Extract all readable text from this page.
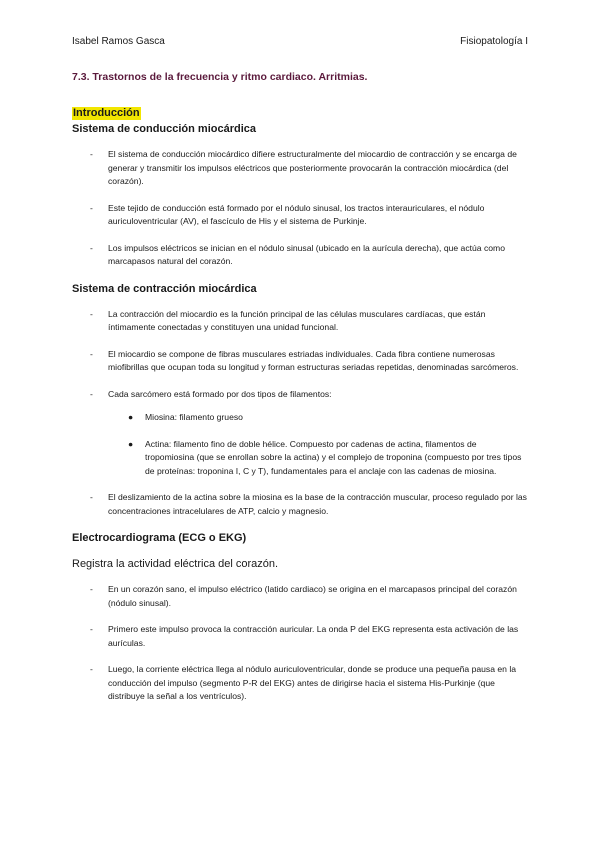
Isabel Ramos Gasca	Fisiopatología I
7.3. Trastornos de la frecuencia y ritmo cardiaco. Arritmias.
Introducción
Sistema de conducción miocárdica
- El sistema de conducción miocárdico difiere estructuralmente del miocardio de contracción y se encarga de generar y transmitir los impulsos eléctricos que posteriormente provocarán la contracción miocárdica (del corazón).
- Este tejido de conducción está formado por el nódulo sinusal, los tractos interauriculares, el nódulo auriculoventricular (AV), el fascículo de His y el sistema de Purkinje.
- Los impulsos eléctricos se inician en el nódulo sinusal (ubicado en la aurícula derecha), que actúa como marcapasos natural del corazón.
Sistema de contracción miocárdica
- La contracción del miocardio es la función principal de las células musculares cardíacas, que están íntimamente conectadas y constituyen una unidad funcional.
- El miocardio se compone de fibras musculares estriadas individuales. Cada fibra contiene numerosas miofibrillas que ocupan toda su longitud y forman estructuras seriadas repetidas, denominadas sarcómeros.
- Cada sarcómero está formado por dos tipos de filamentos:
● Miosina: filamento grueso
● Actina: filamento fino de doble hélice. Compuesto por cadenas de actina, filamentos de tropomiosina (que se enrollan sobre la actina) y el complejo de troponina (compuesto por tres tipos de proteínas: troponina I, C y T), fundamentales para el anclaje con las cadenas de miosina.
- El deslizamiento de la actina sobre la miosina es la base de la contracción muscular, proceso regulado por las concentraciones intracelulares de ATP, calcio y magnesio.
Electrocardiograma (ECG o EKG)

Registra la actividad eléctrica del corazón.

- En un corazón sano, el impulso eléctrico (latido cardiaco) se origina en el marcapasos principal del corazón (nódulo sinusal).
- Primero este impulso provoca la contracción auricular. La onda P del EKG representa esta activación de las aurículas.
- Luego, la corriente eléctrica llega al nódulo auriculoventricular, donde se produce una pequeña pausa en la conducción del impulso (segmento P-R del EKG) antes de dirigirse hacia el sistema His-Purkinje (que distribuye la señal a los ventrículos).
